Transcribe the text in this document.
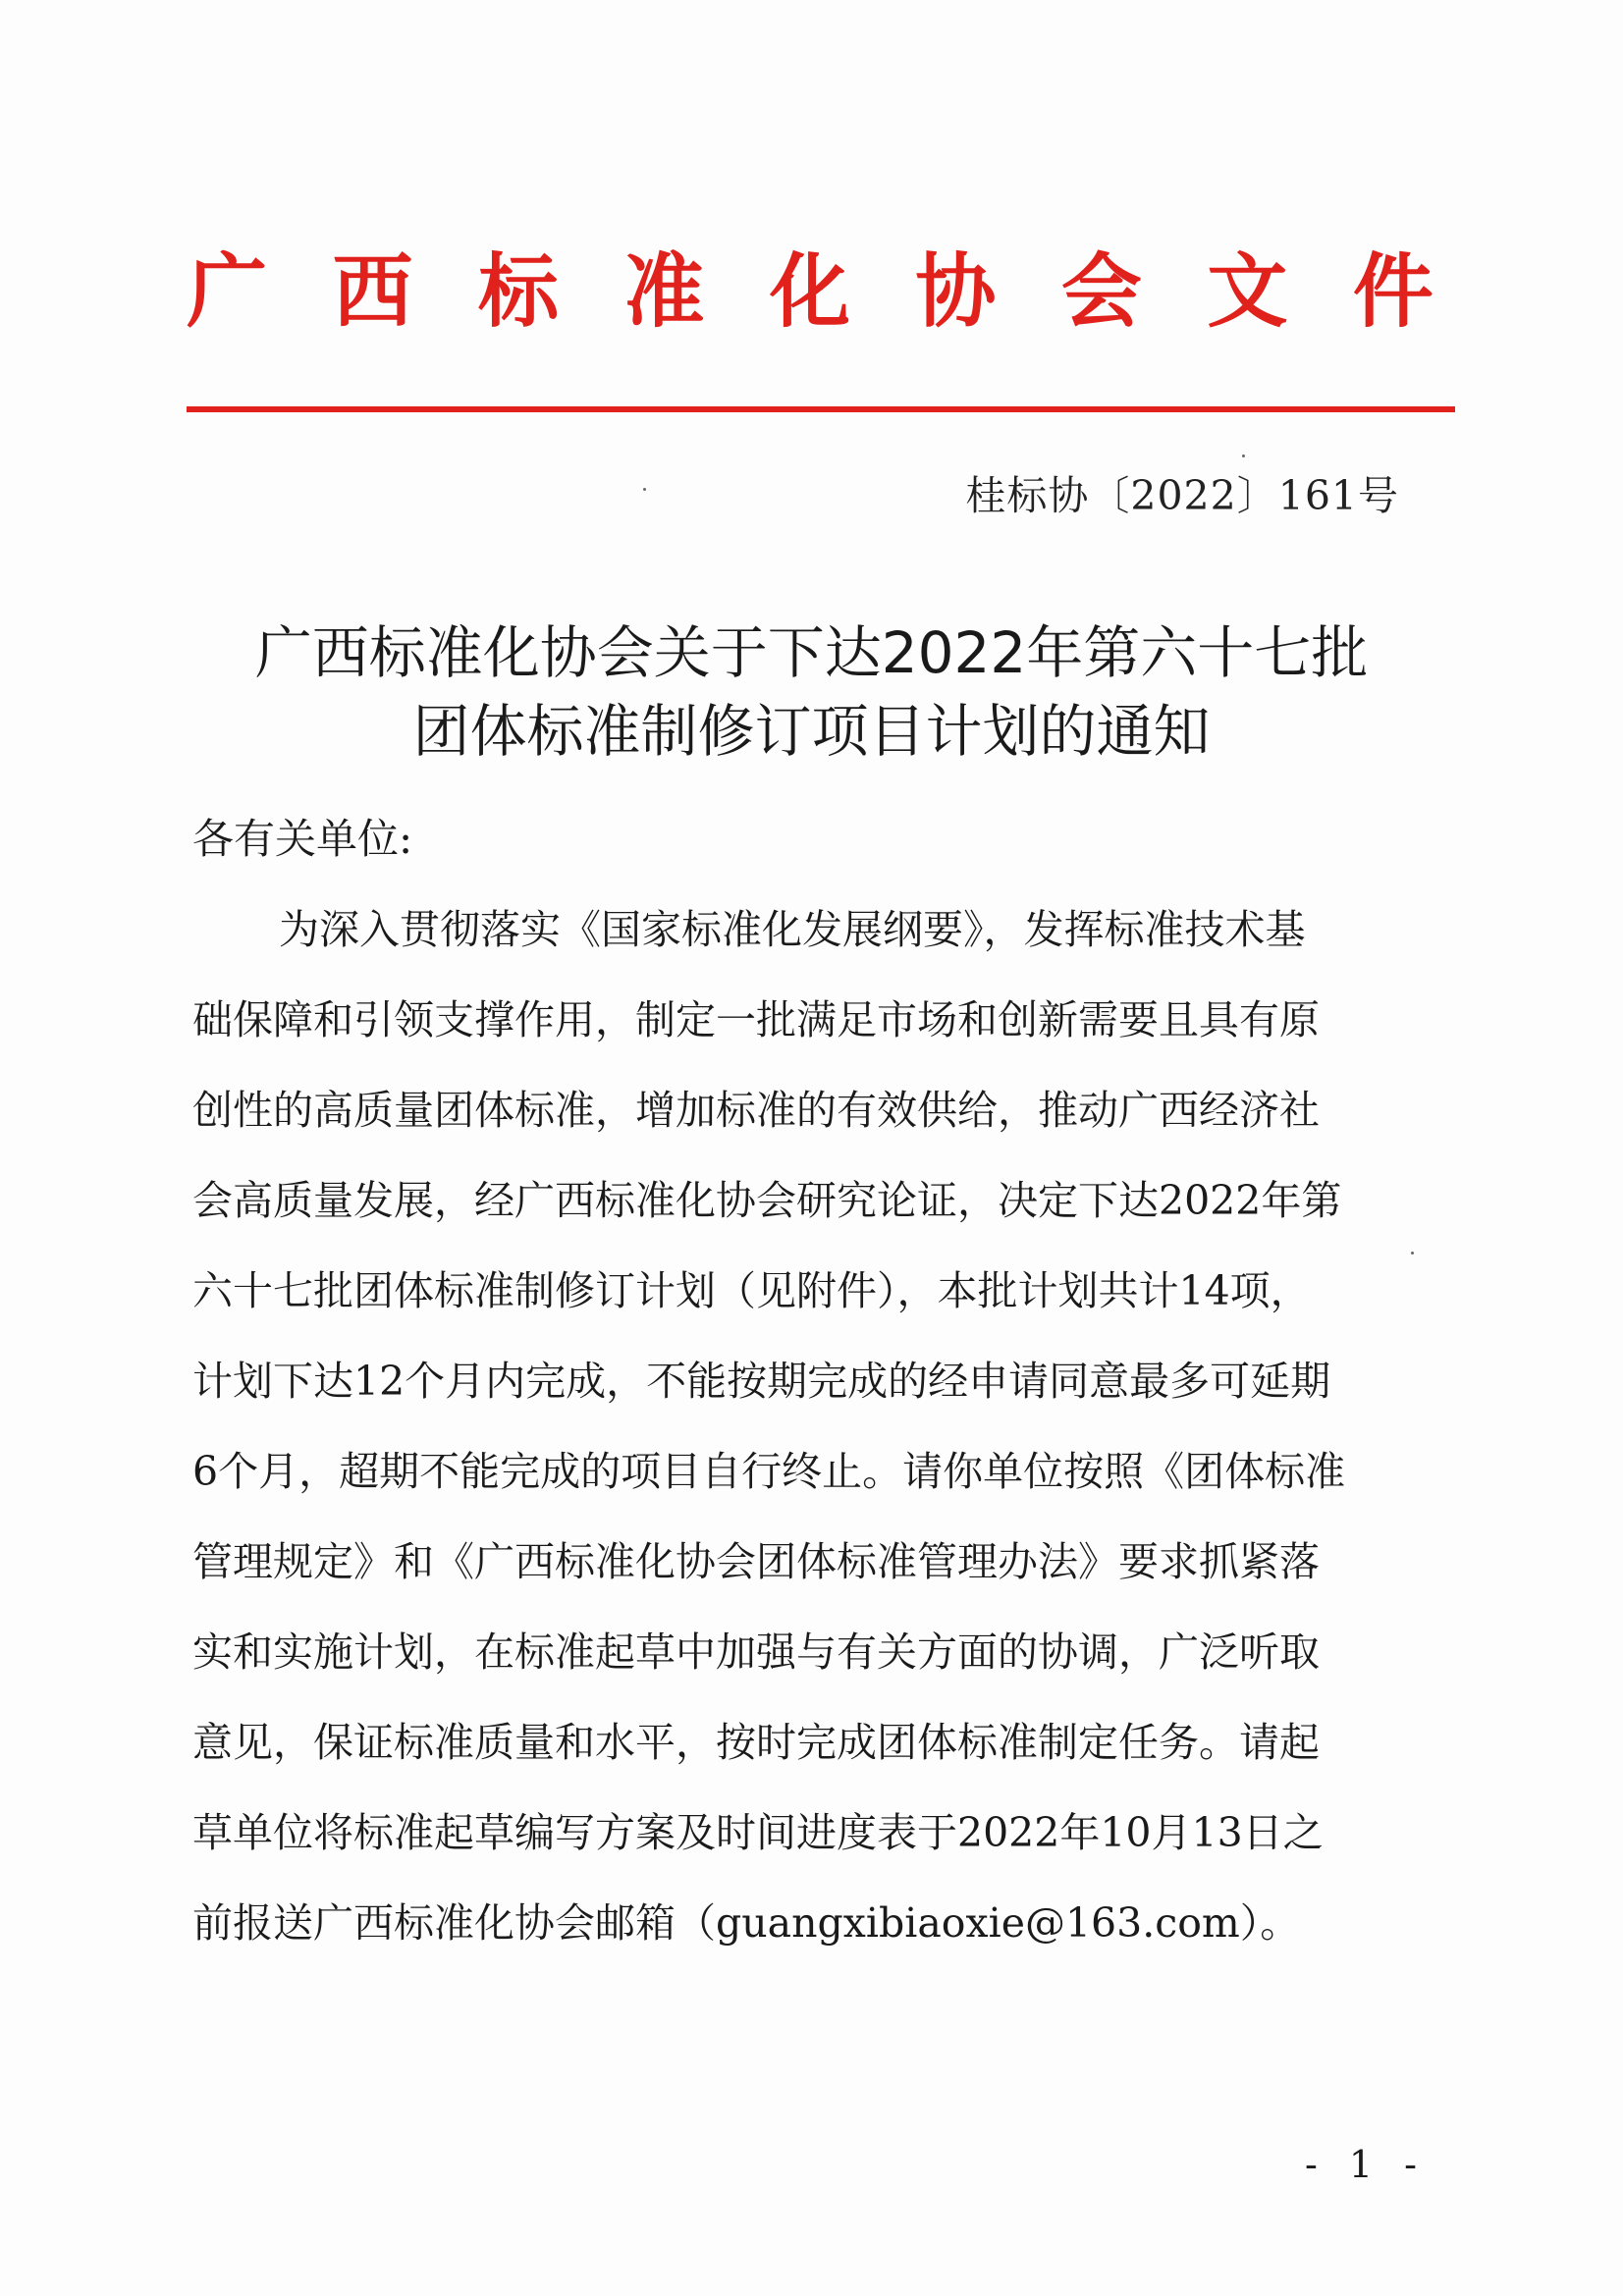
广 西 标 准 化 协 会 文 件
桂标协〔2022〕161号
广西标准化协会关于下达2022年第六十七批
团体标准制修订项目计划的通知
各有关单位:
为深入贯彻落实《国家标准化发展纲要》，发挥标准技术基
础保障和引领支撑作用，制定一批满足市场和创新需要且具有原
创性的高质量团体标准，增加标准的有效供给，推动广西经济社
会高质量发展，经广西标准化协会研究论证，决定下达2022年第
六十七批团体标准制修订计划（见附件），本批计划共计14项，
计划下达12个月内完成，不能按期完成的经申请同意最多可延期
6个月，超期不能完成的项目自行终止。请你单位按照《团体标准
管理规定》和《广西标准化协会团体标准管理办法》要求抓紧落
实和实施计划，在标准起草中加强与有关方面的协调，广泛听取
意见，保证标准质量和水平，按时完成团体标准制定任务。请起
草单位将标准起草编写方案及时间进度表于2022年10月13日之
前报送广西标准化协会邮箱（guangxibiaoxie@163.com）。
- 1 -
